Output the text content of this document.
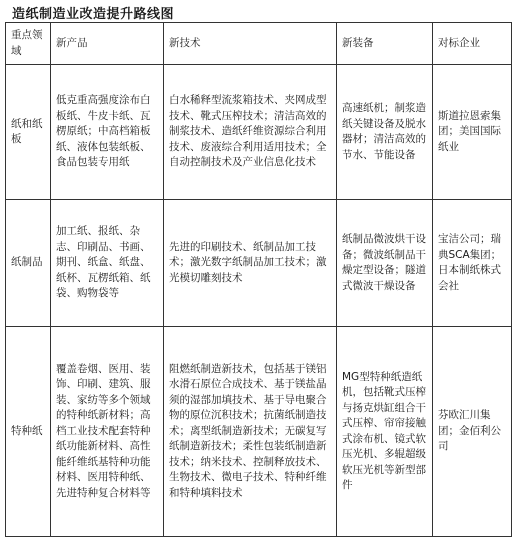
造纸制造业改造提升路线图
重点领域	新产品	新技术	新装备	对标企业
纸和纸板	低克重高强度涂布白板纸、牛皮卡纸、瓦楞原纸；中高档箱板纸、液体包装纸板、食品包装专用纸	白水稀释型流浆箱技术、夹网成型技术、靴式压榨技术；清洁高效的制浆技术、造纸纤维资源综合利用技术、废液综合利用适用技术；全自动控制技术及产业信息化技术	高速纸机；制浆造纸关键设备及脱水器材；清洁高效的节水、节能设备	斯道拉恩索集团；美国国际纸业
纸制品	加工纸、报纸、杂志、印刷品、书画、期刊、纸盒、纸盘、纸杯、瓦楞纸箱、纸袋、购物袋等	先进的印刷技术、纸制品加工技术；激光数字纸制品加工技术；激光模切雕刻技术	纸制品微波烘干设备；微波纸制品干燥定型设备；隧道式微波干燥设备	宝洁公司；瑞典SCA集团；日本制纸株式会社
特种纸	覆盖卷烟、医用、装饰、印刷、建筑、服装、家纺等多个领域的特种纸新材料；高档工业技术配套特种纸功能新材料、高性能纤维纸基特种功能材料、医用特种纸、先进特种复合材料等	阻燃纸制造新技术，包括基于镁铝水滑石原位合成技术、基于镁盐晶须的湿部加填技术、基于导电聚合物的原位沉积技术；抗菌纸制造技术；离型纸制造新技术；无碳复写纸制造新技术；柔性包装纸制造新技术；纳米技术、控制释放技术、生物技术、微电子技术、特种纤维和特种填料技术	MG型特种纸造纸机，包括靴式压榨与扬克烘缸组合干式压榨、帘帘接触式涂布机、镜式软压光机、多辊超级软压光机等新型部件	芬欧汇川集团；金佰利公司
